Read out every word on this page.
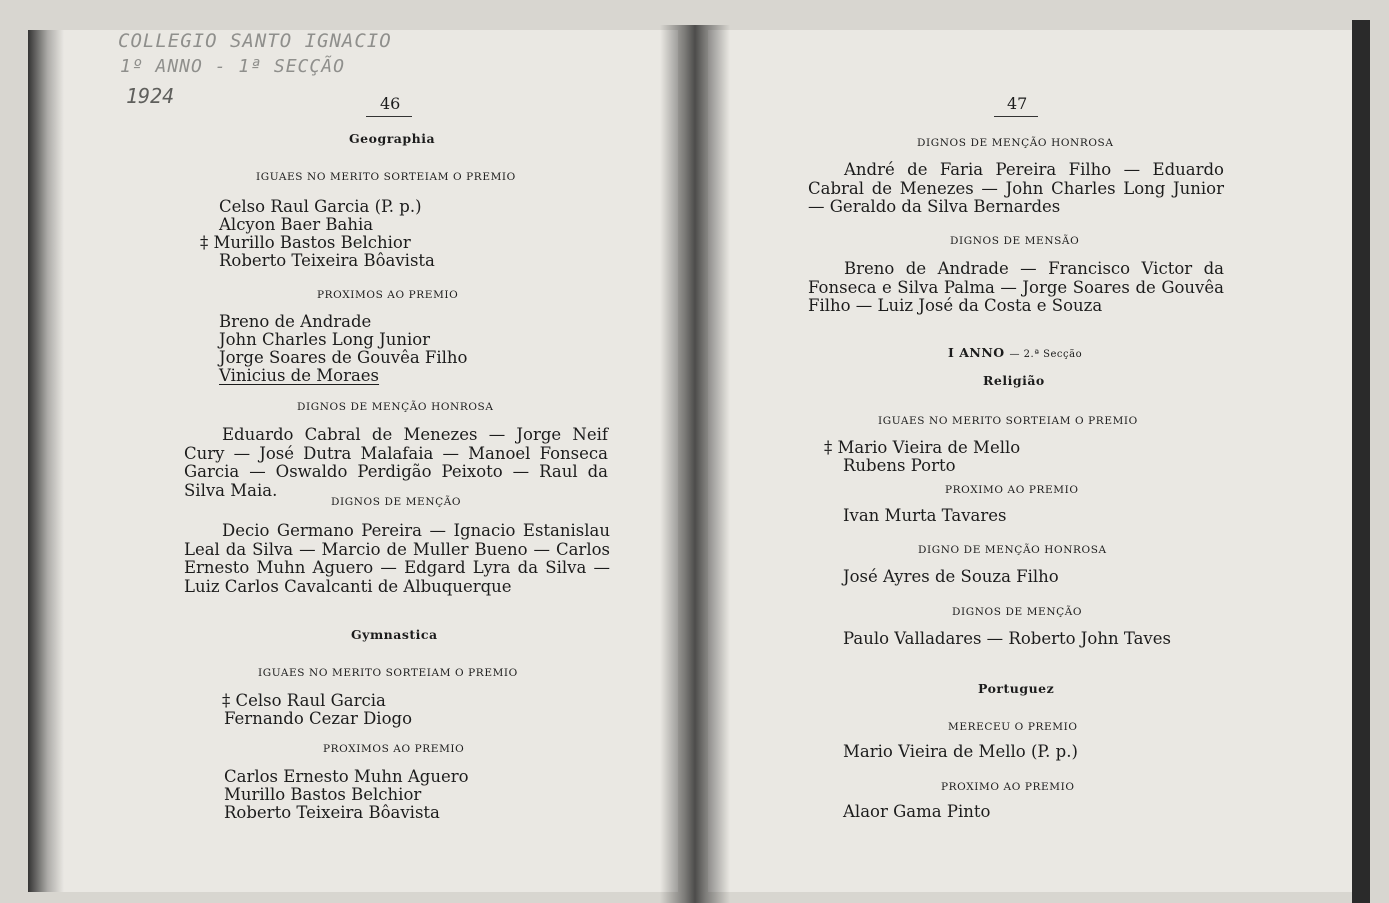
COLLEGIO SANTO IGNACIO
1º ANNO - 1ª SECÇÃO
1924	46
Geographia
IGUAES NO MERITO SORTEIAM O PREMIO
Celso Raul Garcia (P. p.)
Alcyon Baer Bahia
‡ Murillo Bastos Belchior
Roberto Teixeira Bôavista
PROXIMOS AO PREMIO
Breno de Andrade
John Charles Long Junior
Jorge Soares de Gouvêa Filho
Vinicius de Moraes
DIGNOS DE MENÇÃO HONROSA
Eduardo Cabral de Menezes — Jorge Neif Cury — José Dutra Malafaia — Manoel Fonseca Garcia — Oswaldo Perdigão Peixoto — Raul da Silva Maia.
DIGNOS DE MENÇÃO
Decio Germano Pereira — Ignacio Estanislau Leal da Silva — Marcio de Muller Bueno — Carlos Ernesto Muhn Aguero — Edgard Lyra da Silva — Luiz Carlos Cavalcanti de Albuquerque
Gymnastica
IGUAES NO MERITO SORTEIAM O PREMIO
‡ Celso Raul Garcia
Fernando Cezar Diogo
PROXIMOS AO PREMIO
Carlos Ernesto Muhn Aguero
Murillo Bastos Belchior
Roberto Teixeira Bôavista
47
DIGNOS DE MENÇÃO HONROSA
André de Faria Pereira Filho — Eduardo Cabral de Menezes — John Charles Long Junior — Geraldo da Silva Bernardes
DIGNOS DE MENSÃO
Breno de Andrade — Francisco Victor da Fonseca e Silva Palma — Jorge Soares de Gouvêa Filho — Luiz José da Costa e Souza
I ANNO — 2.ª Secção
Religião
IGUAES NO MERITO SORTEIAM O PREMIO
‡ Mario Vieira de Mello
Rubens Porto
PROXIMO AO PREMIO
Ivan Murta Tavares
DIGNO DE MENÇÃO HONROSA
José Ayres de Souza Filho
DIGNOS DE MENÇÃO
Paulo Valladares — Roberto John Taves
Portuguez
MERECEU O PREMIO
Mario Vieira de Mello (P. p.)
PROXIMO AO PREMIO
Alaor Gama Pinto
